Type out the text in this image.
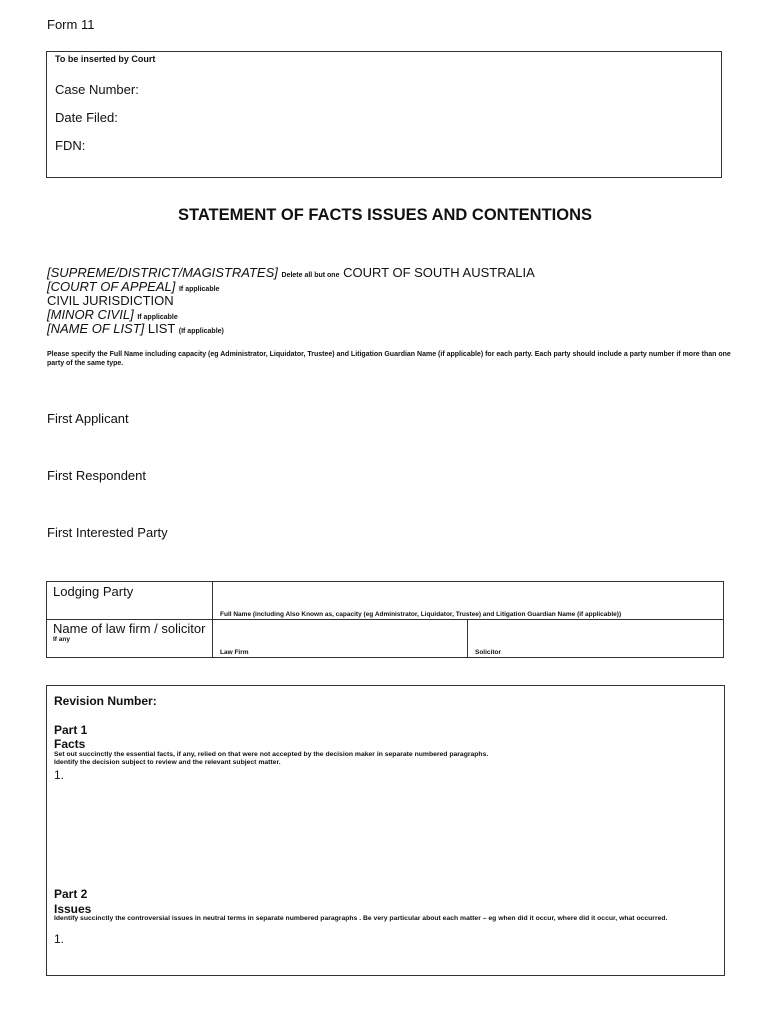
Form 11
To be inserted by Court
Case Number:
Date Filed:
FDN:
STATEMENT OF FACTS ISSUES AND CONTENTIONS
[SUPREME/DISTRICT/MAGISTRATES] Delete all but one COURT OF SOUTH AUSTRALIA
[COURT OF APPEAL] If applicable
CIVIL JURISDICTION
[MINOR CIVIL] If applicable
[NAME OF LIST] LIST (If applicable)
Please specify the Full Name including capacity (eg Administrator, Liquidator, Trustee) and Litigation Guardian Name (if applicable) for each party. Each party should include a party number if more than one party of the same type.
First Applicant
First Respondent
First Interested Party
Lodging Party	Full Name (including Also Known as, capacity (eg Administrator, Liquidator, Trustee) and Litigation Guardian Name (if applicable))	

Name of law firm / solicitor
If any	Law Firm	Solicitor
Revision Number:
Part 1
Facts
Set out succinctly the essential facts, if any, relied on that were not accepted by the decision maker in separate numbered paragraphs.
Identify the decision subject to review and the relevant subject matter.
1.
Part 2
Issues
Identify succinctly the controversial issues in neutral terms in separate numbered paragraphs . Be very particular about each matter – eg when did it occur, where did it occur, what occurred.
1.
